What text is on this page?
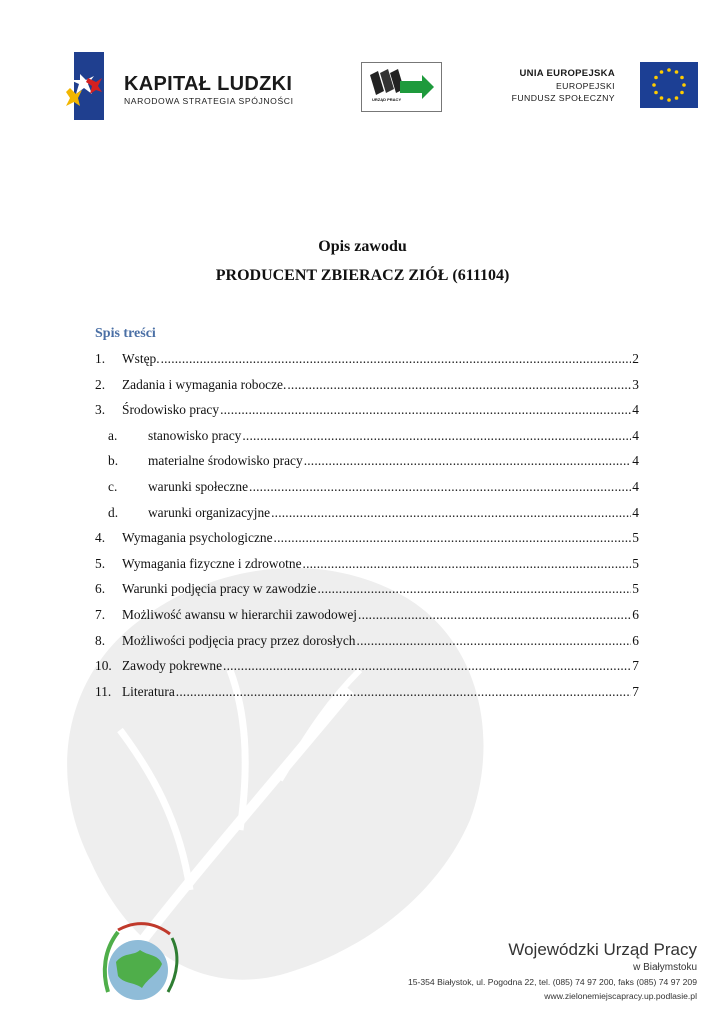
KAPITAŁ LUDZKI
NARODOWA STRATEGIA SPÓJNOŚCI	URZĄD PRACY
UNIA EUROPEJSKA
EUROPEJSKI
FUNDUSZ SPOŁECZNY
Opis zawodu
PRODUCENT ZBIERACZ ZIÓŁ (611104)
Spis treści
1.	Wstęp. .....	2
2.	Zadania i wymagania robocze. .....	3
3.	Środowisko pracy .....	4
a.	stanowisko pracy .....	4
b.	materialne środowisko pracy .....	4
c.	warunki społeczne .....	4
d.	warunki organizacyjne .....	4
4.	Wymagania psychologiczne .....	5
5.	Wymagania fizyczne i zdrowotne .....	5
6.	Warunki podjęcia pracy w zawodzie .....	5
7.	Możliwość awansu w hierarchii zawodowej .....	6
8.	Możliwości podjęcia pracy przez dorosłych .....	6
10. Zawody pokrewne .....	7
11. Literatura .....	7
Wojewódzki Urząd Pracy
w Białymstoku
15-354 Białystok, ul. Pogodna 22, tel. (085) 74 97 200, faks (085) 74 97 209
www.zielonemiejscapracy.up.podlasie.pl
